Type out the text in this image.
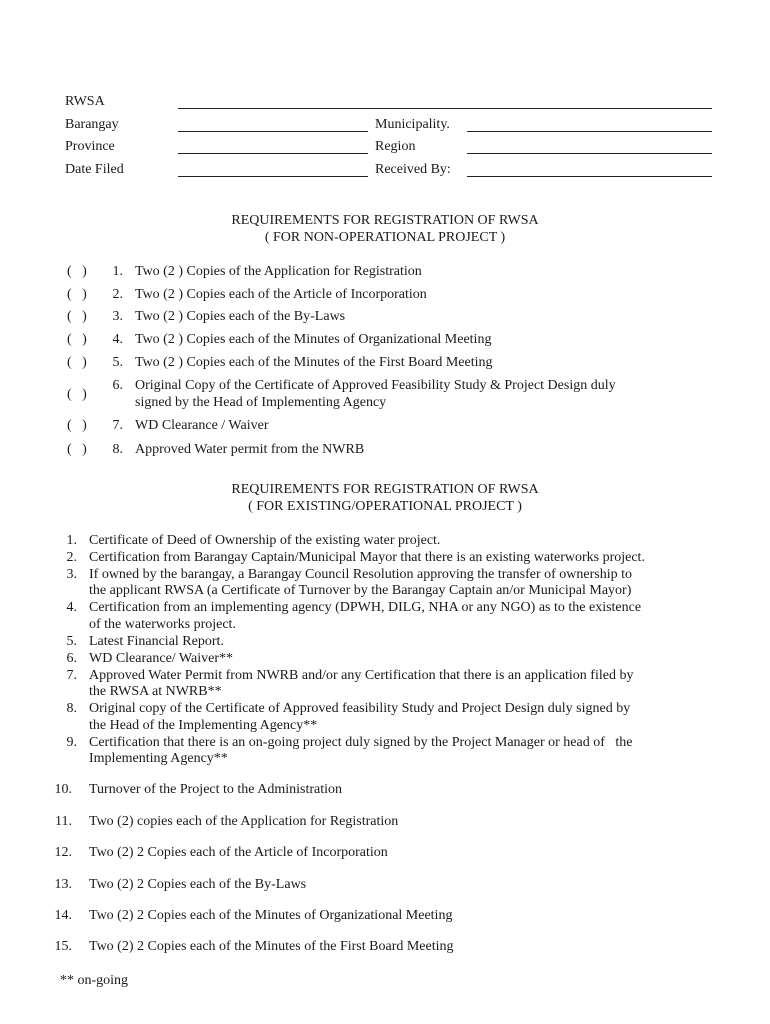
RWSA
Barangay	Municipality.
Province	Region
Date Filed	Received By:
REQUIREMENTS FOR REGISTRATION OF RWSA
( FOR NON-OPERATIONAL PROJECT )
(   )	1. Two (2 ) Copies of the Application for Registration
(   )	2. Two (2 ) Copies each of the Article of Incorporation
(   )	3. Two (2 ) Copies each of the By-Laws
(   )	4. Two (2 ) Copies each of the Minutes of Organizational Meeting
(   )	5. Two (2 ) Copies each of the Minutes of the First Board Meeting
(   )
6. Original Copy of the Certificate of Approved Feasibility Study & Project Design duly
signed by the Head of Implementing Agency
(   )	7. WD Clearance / Waiver
(   )	8. Approved Water permit from the NWRB
REQUIREMENTS FOR REGISTRATION OF RWSA
( FOR EXISTING/OPERATIONAL PROJECT )
1. Certificate of Deed of Ownership of the existing water project.
2. Certification from Barangay Captain/Municipal Mayor that there is an existing waterworks project.
3. If owned by the barangay, a Barangay Council Resolution approving the transfer of ownership to
the applicant RWSA (a Certificate of Turnover by the Barangay Captain an/or Municipal Mayor)
4. Certification from an implementing agency (DPWH, DILG, NHA or any NGO) as to the existence
of the waterworks project.
5. Latest Financial Report.
6. WD Clearance/ Waiver**
7. Approved Water Permit from NWRB and/or any Certification that there is an application filed by
the RWSA at NWRB**
8. Original copy of the Certificate of Approved feasibility Study and Project Design duly signed by
the Head of the Implementing Agency**
9. Certification that there is an on-going project duly signed by the Project Manager or head of   the
Implementing Agency**
10. Turnover of the Project to the Administration
11. Two (2) copies each of the Application for Registration
12. Two (2) 2 Copies each of the Article of Incorporation
13. Two (2) 2 Copies each of the By-Laws
14. Two (2) 2 Copies each of the Minutes of Organizational Meeting
15. Two (2) 2 Copies each of the Minutes of the First Board Meeting
** on-going
